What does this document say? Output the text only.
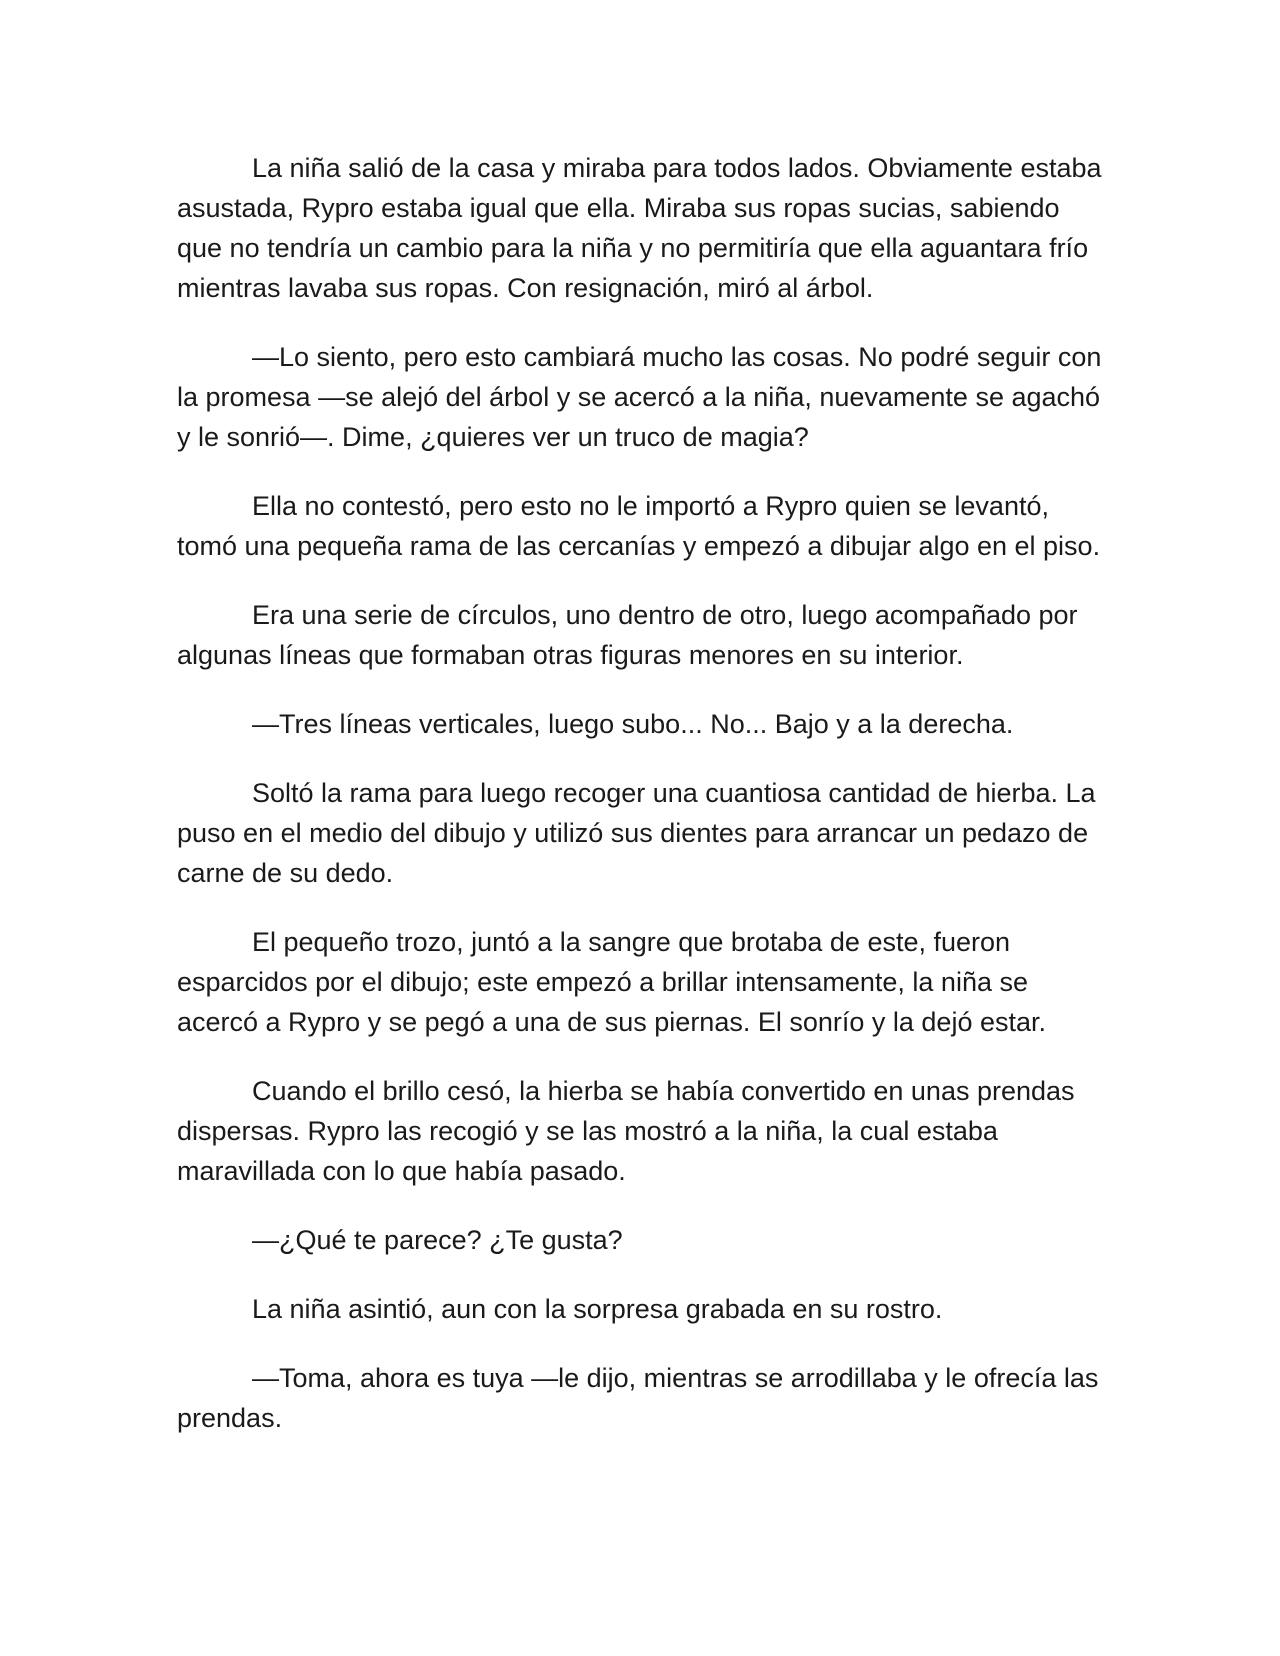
La niña salió de la casa y miraba para todos lados. Obviamente estaba asustada, Rypro estaba igual que ella. Miraba sus ropas sucias, sabiendo que no tendría un cambio para la niña y no permitiría que ella aguantara frío mientras lavaba sus ropas. Con resignación, miró al árbol.

—Lo siento, pero esto cambiará mucho las cosas. No podré seguir con la promesa —se alejó del árbol y se acercó a la niña, nuevamente se agachó y le sonrió—. Dime, ¿quieres ver un truco de magia?

Ella no contestó, pero esto no le importó a Rypro quien se levantó, tomó una pequeña rama de las cercanías y empezó a dibujar algo en el piso.

Era una serie de círculos, uno dentro de otro, luego acompañado por algunas líneas que formaban otras figuras menores en su interior.

—Tres líneas verticales, luego subo... No... Bajo y a la derecha.

Soltó la rama para luego recoger una cuantiosa cantidad de hierba. La puso en el medio del dibujo y utilizó sus dientes para arrancar un pedazo de carne de su dedo.

El pequeño trozo, juntó a la sangre que brotaba de este, fueron esparcidos por el dibujo; este empezó a brillar intensamente, la niña se acercó a Rypro y se pegó a una de sus piernas. El sonrío y la dejó estar.

Cuando el brillo cesó, la hierba se había convertido en unas prendas dispersas. Rypro las recogió y se las mostró a la niña, la cual estaba maravillada con lo que había pasado.

—¿Qué te parece? ¿Te gusta?

La niña asintió, aun con la sorpresa grabada en su rostro.

—Toma, ahora es tuya —le dijo, mientras se arrodillaba y le ofrecía las prendas.
